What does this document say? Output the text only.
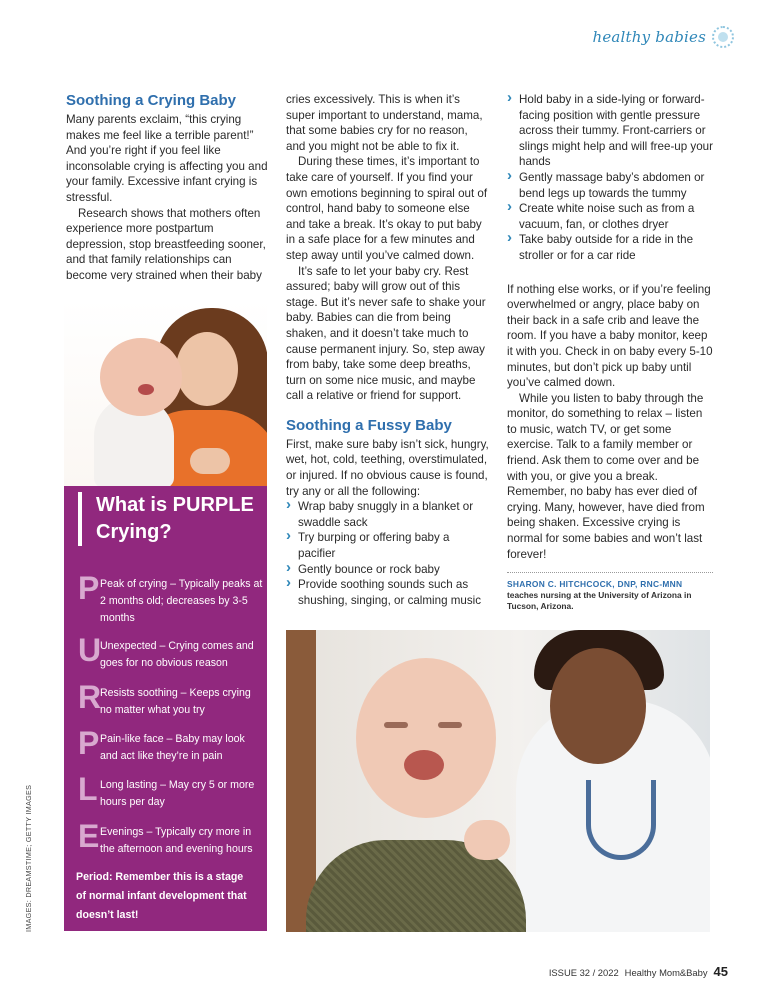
healthy babies
Soothing a Crying Baby

Many parents exclaim, “this crying makes me feel like a terrible parent!” And you’re right if you feel like inconsolable crying is affecting you and your family. Excessive infant crying is stressful.

Research shows that mothers often experience more postpartum depression, stop breastfeeding sooner, and that family relationships can become very strained when their baby

cries excessively. This is when it’s super important to understand, mama, that some babies cry for no reason, and you might not be able to fix it.

During these times, it’s important to take care of yourself. If you find your own emotions beginning to spiral out of control, hand baby to someone else and take a break. It’s okay to put baby in a safe place for a few minutes and step away until you’ve calmed down.

It’s safe to let your baby cry. Rest assured; baby will grow out of this stage. But it’s never safe to shake your baby. Babies can die from being shaken, and it doesn’t take much to cause permanent injury. So, step away from baby, take some deep breaths, turn on some nice music, and maybe call a relative or friend for support.

Soothing a Fussy Baby

First, make sure baby isn’t sick, hungry, wet, hot, cold, teething, overstimulated, or injured. If no obvious cause is found, try any or all the following:

› Wrap baby snuggly in a blanket or swaddle sack
› Try burping or offering baby a pacifier
› Gently bounce or rock baby
› Provide soothing sounds such as shushing, singing, or calming music
› Hold baby in a side-lying or forward-facing position with gentle pressure across their tummy. Front-carriers or slings might help and will free-up your hands
› Gently massage baby’s abdomen or bend legs up towards the tummy
› Create white noise such as from a vacuum, fan, or clothes dryer
› Take baby outside for a ride in the stroller or for a car ride

If nothing else works, or if you’re feeling overwhelmed or angry, place baby on their back in a safe crib and leave the room. If you have a baby monitor, keep it with you. Check in on baby every 5-10 minutes, but don’t pick up baby until you’ve calmed down.

While you listen to baby through the monitor, do something to relax – listen to music, watch TV, or get some exercise. Talk to a family member or friend. Ask them to come over and be with you, or give you a break. Remember, no baby has ever died of crying. Many, however, have died from being shaken. Excessive crying is normal for some babies and won’t last forever!

SHARON C. HITCHCOCK, DNP, RNC-MNN
teaches nursing at the University of Arizona in Tucson, Arizona.
What is PURPLE Crying?
P Peak of crying – Typically peaks at 2 months old; decreases by 3-5 months
U
Unexpected – Crying comes and goes for no obvious reason
R
Resists soothing – Keeps crying no matter what you try
P Pain-like face – Baby may look and act like they’re in pain
L Long lasting – May cry 5 or more hours per day
E Evenings – Typically cry more in the afternoon and evening hours
Period: Remember this is a stage of normal infant development that doesn’t last!
IMAGES: DREAMSTIME; GETTY IMAGES
ISSUE 32 / 2022 Healthy Mom&Baby 45
